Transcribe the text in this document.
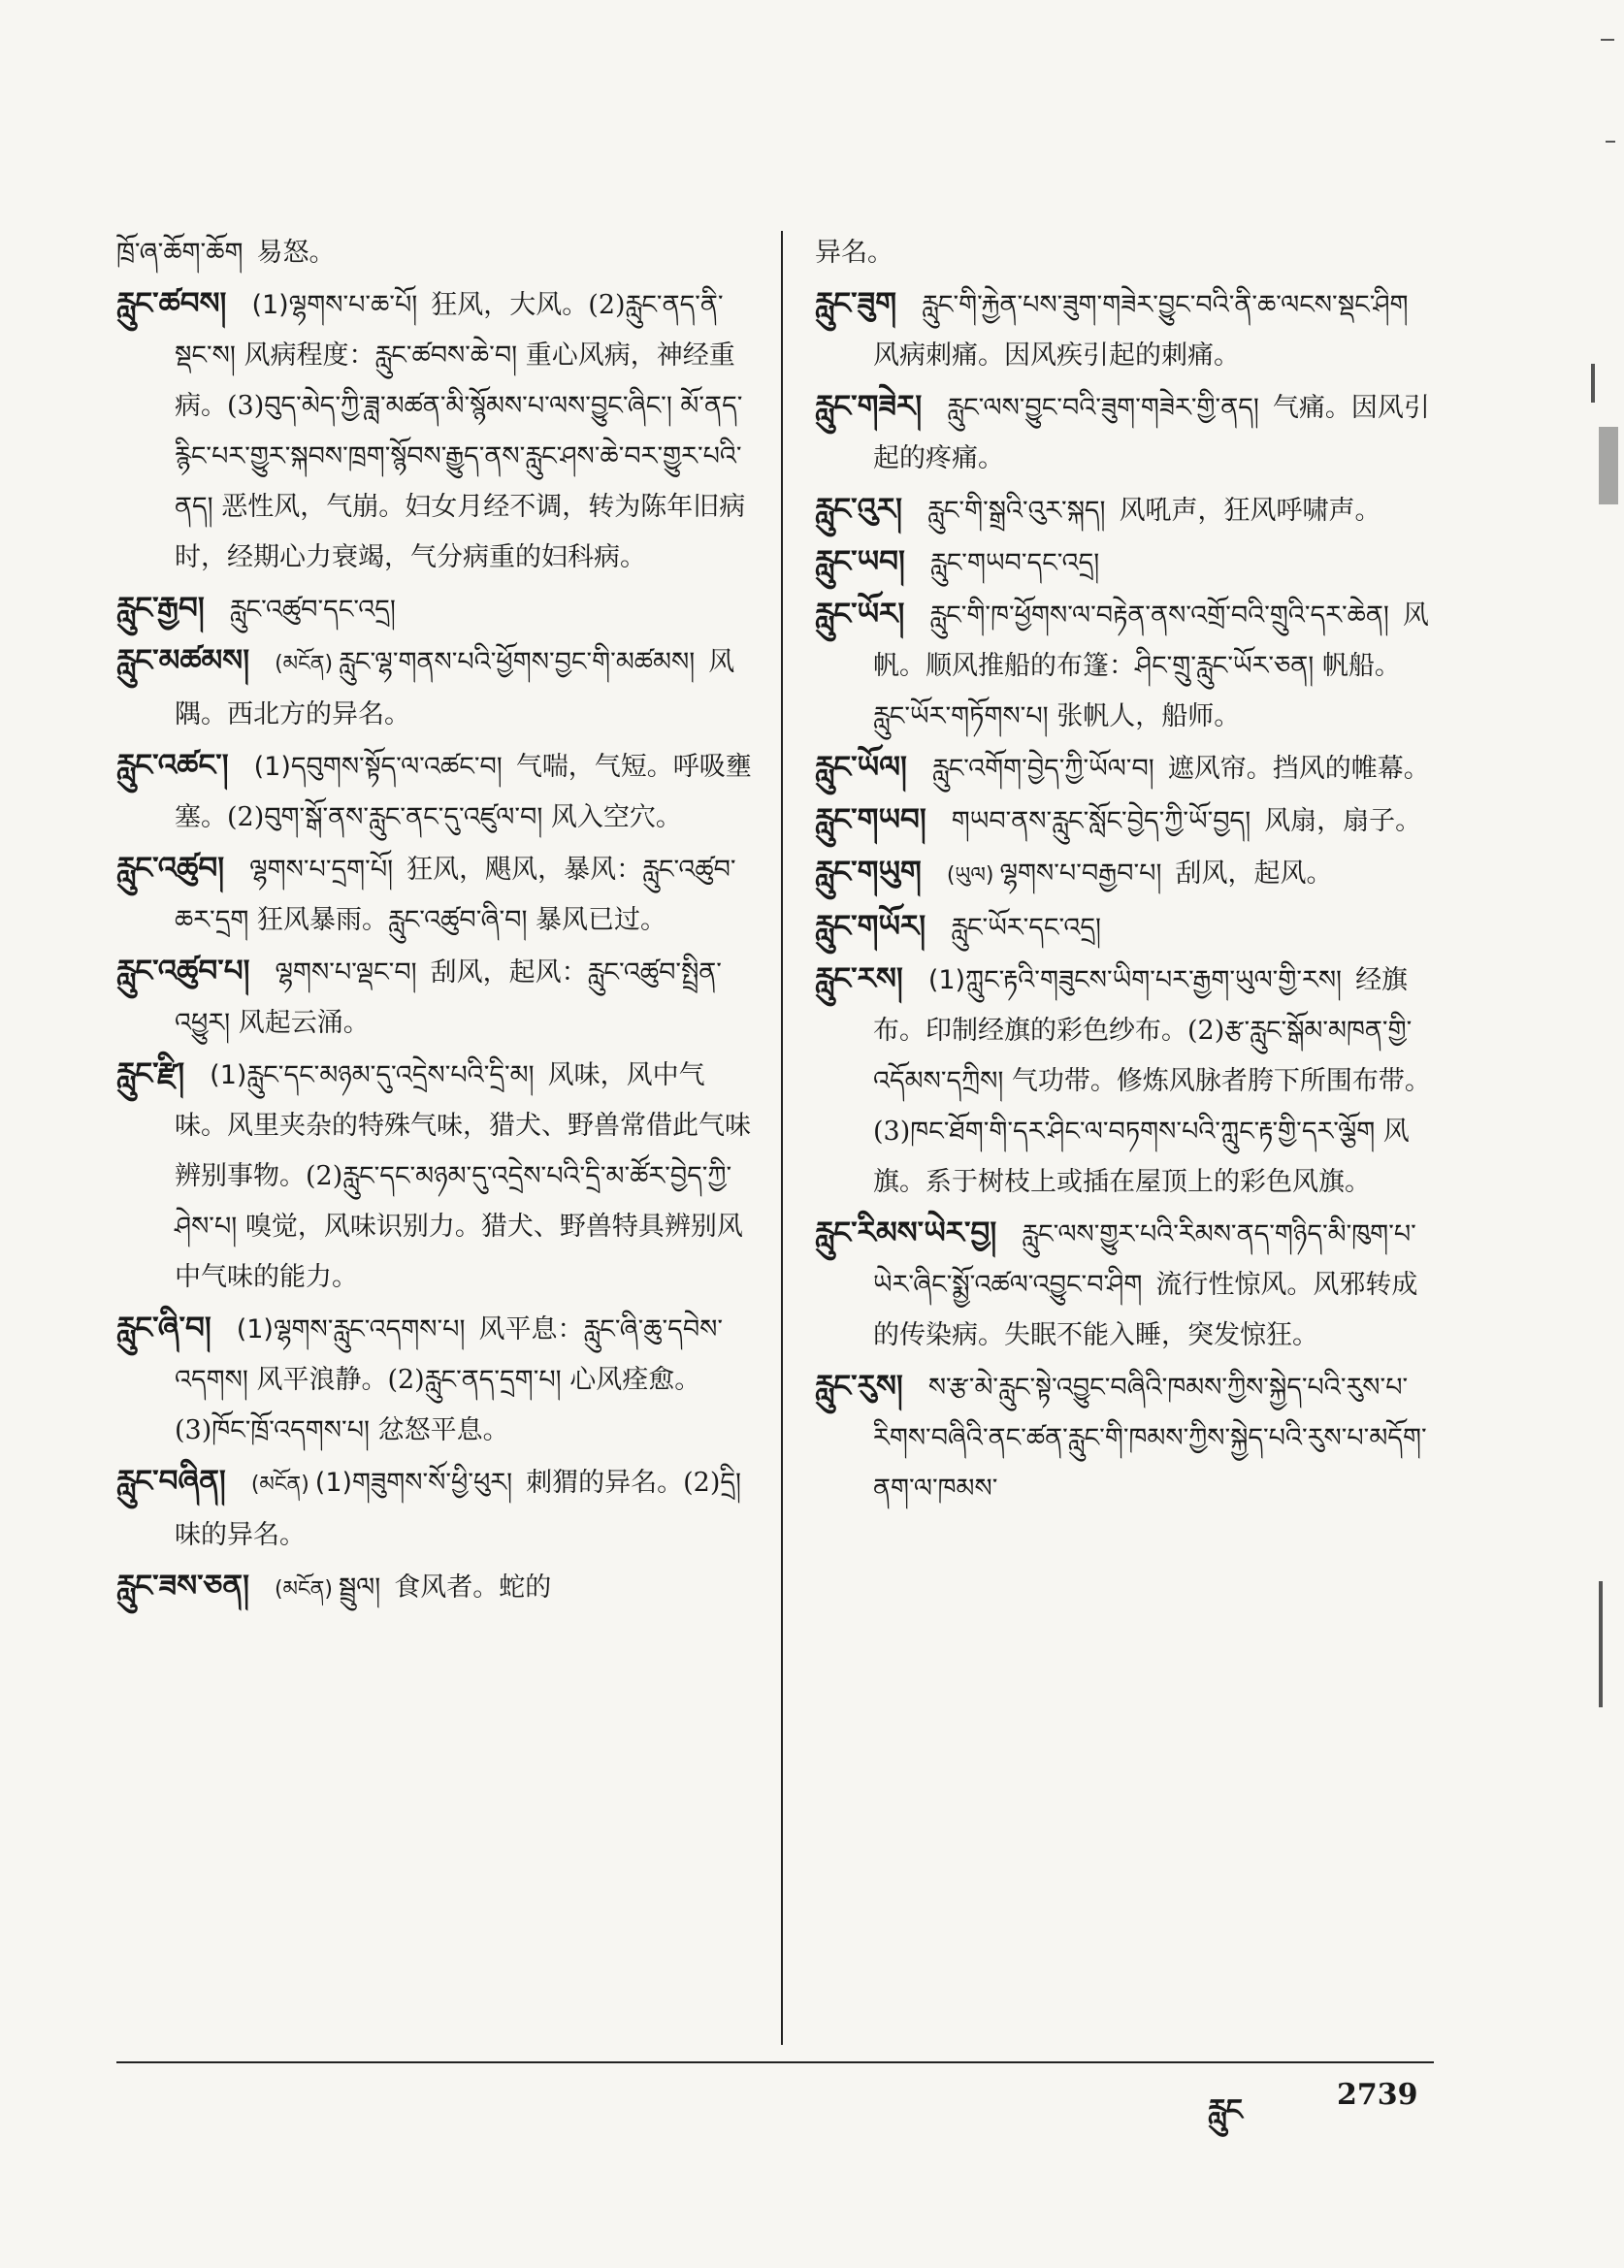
ཁྲོ་ཞ་ཆོག་ཆོག 易怒。

རླུང་ཚབས། (1)ལྷགས་པ་ཆ་པོ། 狂风，大风。(2)རླུང་ནད་ནི་སྡང་ས། 风病程度：རླུང་ཚབས་ཆེ་བ། 重心风病，神经重病。(3)བུད་མེད་ཀྱི་ཟླ་མཚན་མི་སྙོམས་པ་ལས་བྱུང་ཞིང་། མོ་ནད་རྙིང་པར་གྱུར་སྐབས་ཁྲག་སྙོབས་རྒྱུད་ནས་རླུང་ཤས་ཆེ་བར་གྱུར་པའི་ནད། 恶性风，气崩。妇女月经不调，转为陈年旧病时，经期心力衰竭，气分病重的妇科病。

རླུང་རྒྱབ། རླུང་འཚུབ་དང་འདྲ།

རླུང་མཚམས། (མངོན) རླུང་ལྷ་གནས་པའི་ཕྱོགས་བྱང་གི་མཚམས། 风隅。西北方的异名。

རླུང་འཚང་། (1)དབུགས་སྟོད་ལ་འཚང་བ། 气喘，气短。呼吸壅塞。(2)བུག་སྒོ་ནས་རླུང་ནང་དུ་འཛུལ་བ། 风入空穴。

རླུང་འཚུབ། ལྷགས་པ་དྲག་པོ། 狂风，飓风，暴风：རླུང་འཚུབ་ཆར་དྲག 狂风暴雨。རླུང་འཚུབ་ཞི་བ། 暴风已过。

རླུང་འཚུབ་པ། ལྷགས་པ་ལྡང་བ། 刮风，起风：རླུང་འཚུབ་སྤྲིན་འཕྱུར། 风起云涌。

རླུང་རྫི། (1)རླུང་དང་མཉམ་དུ་འདྲེས་པའི་དྲི་མ། 风味，风中气味。风里夹杂的特殊气味，猎犬、野兽常借此气味辨别事物。(2)རླུང་དང་མཉམ་དུ་འདྲེས་པའི་དྲི་མ་ཚོར་བྱེད་ཀྱི་ཤེས་པ། 嗅觉，风味识别力。猎犬、野兽特具辨别风中气味的能力。

རླུང་ཞི་བ། (1)ལྷགས་རླུང་འདགས་པ། 风平息：རླུང་ཞི་ཆུ་དབེས་འདགས། 风平浪静。(2)རླུང་ནད་དྲག་པ། 心风痊愈。(3)ཁོང་ཁྲོ་འདགས་པ། 忿怒平息。

རླུང་བཞིན། (མངོན) (1)གཟུགས་སོ་ཕྱི་ཕུར། 刺猬的异名。(2)དྲི། 味的异名。

རླུང་ཟས་ཅན། (མངོན) སྦྲུལ། 食风者。蛇的

异名。

རླུང་ཟུག རླུང་གི་རྐྱེན་པས་ཟུག་གཟེར་བྱུང་བའི་ནི་ཆ་ལངས་སྡང་ཤིག风病刺痛。因风疾引起的刺痛。

རླུང་གཟེར། རླུང་ལས་བྱུང་བའི་ཟུག་གཟེར་གྱི་ནད། 气痛。因风引起的疼痛。

རླུང་འུར། རླུང་གི་སྒྲའི་འུར་སྐད། 风吼声，狂风呼啸声。

རླུང་ཡབ། རླུང་གཡབ་དང་འདྲ།

རླུང་ཡོར། རླུང་གི་ཁ་ཕྱོགས་ལ་བརྟེན་ནས་འགྲོ་བའི་གྲུའི་དར་ཆེན། 风帆。顺风推船的布篷：ཤིང་གྲུ་རླུང་ཡོར་ཅན། 帆船。རླུང་ཡོར་གཏོགས་པ། 张帆人，船师。

རླུང་ཡོལ། རླུང་འགོག་བྱེད་ཀྱི་ཡོལ་བ། 遮风帘。挡风的帷幕。

རླུང་གཡབ། གཡབ་ནས་རླུང་སློང་བྱེད་ཀྱི་ཡོ་བྱད། 风扇，扇子。

རླུང་གཡུག (ཡུལ) ལྷགས་པ་བརྒྱབ་པ། 刮风，起风。

རླུང་གཡོར། རླུང་ཡོར་དང་འདྲ།

རླུང་རས། (1)ཀླུང་རྟའི་གཟུངས་ཡིག་པར་རྒྱག་ཡུལ་གྱི་རས། 经旗布。印制经旗的彩色纱布。(2)རྩ་རླུང་སྒོམ་མཁན་གྱི་འདོམས་དཀྲིས། 气功带。修炼风脉者胯下所围布带。(3)ཁང་ཐོག་གི་དར་ཤིང་ལ་བཏགས་པའི་ཀླུང་རྟ་གྱི་དར་ལྕོག 风旗。系于树枝上或插在屋顶上的彩色风旗。

རླུང་རིམས་ཡེར་བྱ། རླུང་ལས་གྱུར་པའི་རིམས་ནད་གཉིད་མི་ཁུག་པ་ཡེར་ཞིང་སྨྱོ་འཚལ་འབྱུང་བ་ཤིག 流行性惊风。风邪转成的传染病。失眠不能入睡，突发惊狂。

རླུང་རུས། ས་རྩ་མེ་རླུང་སྟེ་འབྱུང་བཞིའི་ཁམས་ཀྱིས་སྐྱེད་པའི་རུས་པ་རིགས་བཞིའི་ནང་ཚན་རླུང་གི་ཁམས་ཀྱིས་སྐྱེད་པའི་རུས་པ་མདོག་ནག་ལ་ཁམས་

རླུང	2739
